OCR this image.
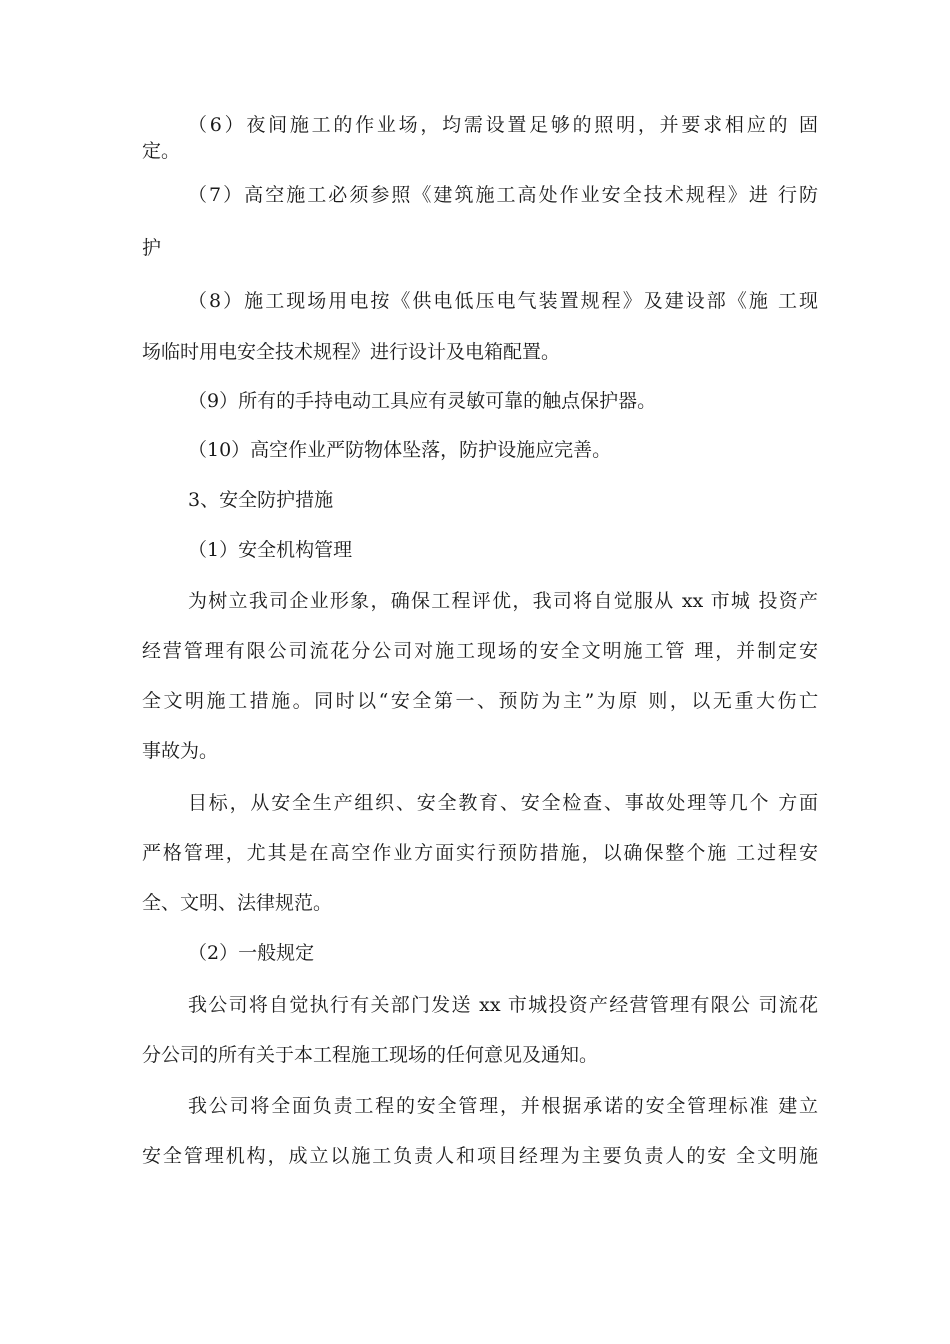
（6）夜间施工的作业场，均需设置足够的照明，并要求相应的 固
定。
（7）高空施工必须参照《建筑施工高处作业安全技术规程》进 行防
护
（8）施工现场用电按《供电低压电气装置规程》及建设部《施 工现
场临时用电安全技术规程》进行设计及电箱配置。
（9）所有的手持电动工具应有灵敏可靠的触点保护器。
（10）高空作业严防物体坠落，防护设施应完善。
3、安全防护措施
（1）安全机构管理
为树立我司企业形象，确保工程评优，我司将自觉服从 xx 市城 投资产
经营管理有限公司流花分公司对施工现场的安全文明施工管 理，并制定安
全文明施工措施。同时以“安全第一、预防为主”为原 则，以无重大伤亡
事故为。
目标，从安全生产组织、安全教育、安全检查、事故处理等几个 方面
严格管理，尤其是在高空作业方面实行预防措施，以确保整个施 工过程安
全、文明、法律规范。
（2）一般规定
我公司将自觉执行有关部门发送 xx 市城投资产经营管理有限公 司流花
分公司的所有关于本工程施工现场的任何意见及通知。
我公司将全面负责工程的安全管理，并根据承诺的安全管理标准 建立
安全管理机构，成立以施工负责人和项目经理为主要负责人的安 全文明施
